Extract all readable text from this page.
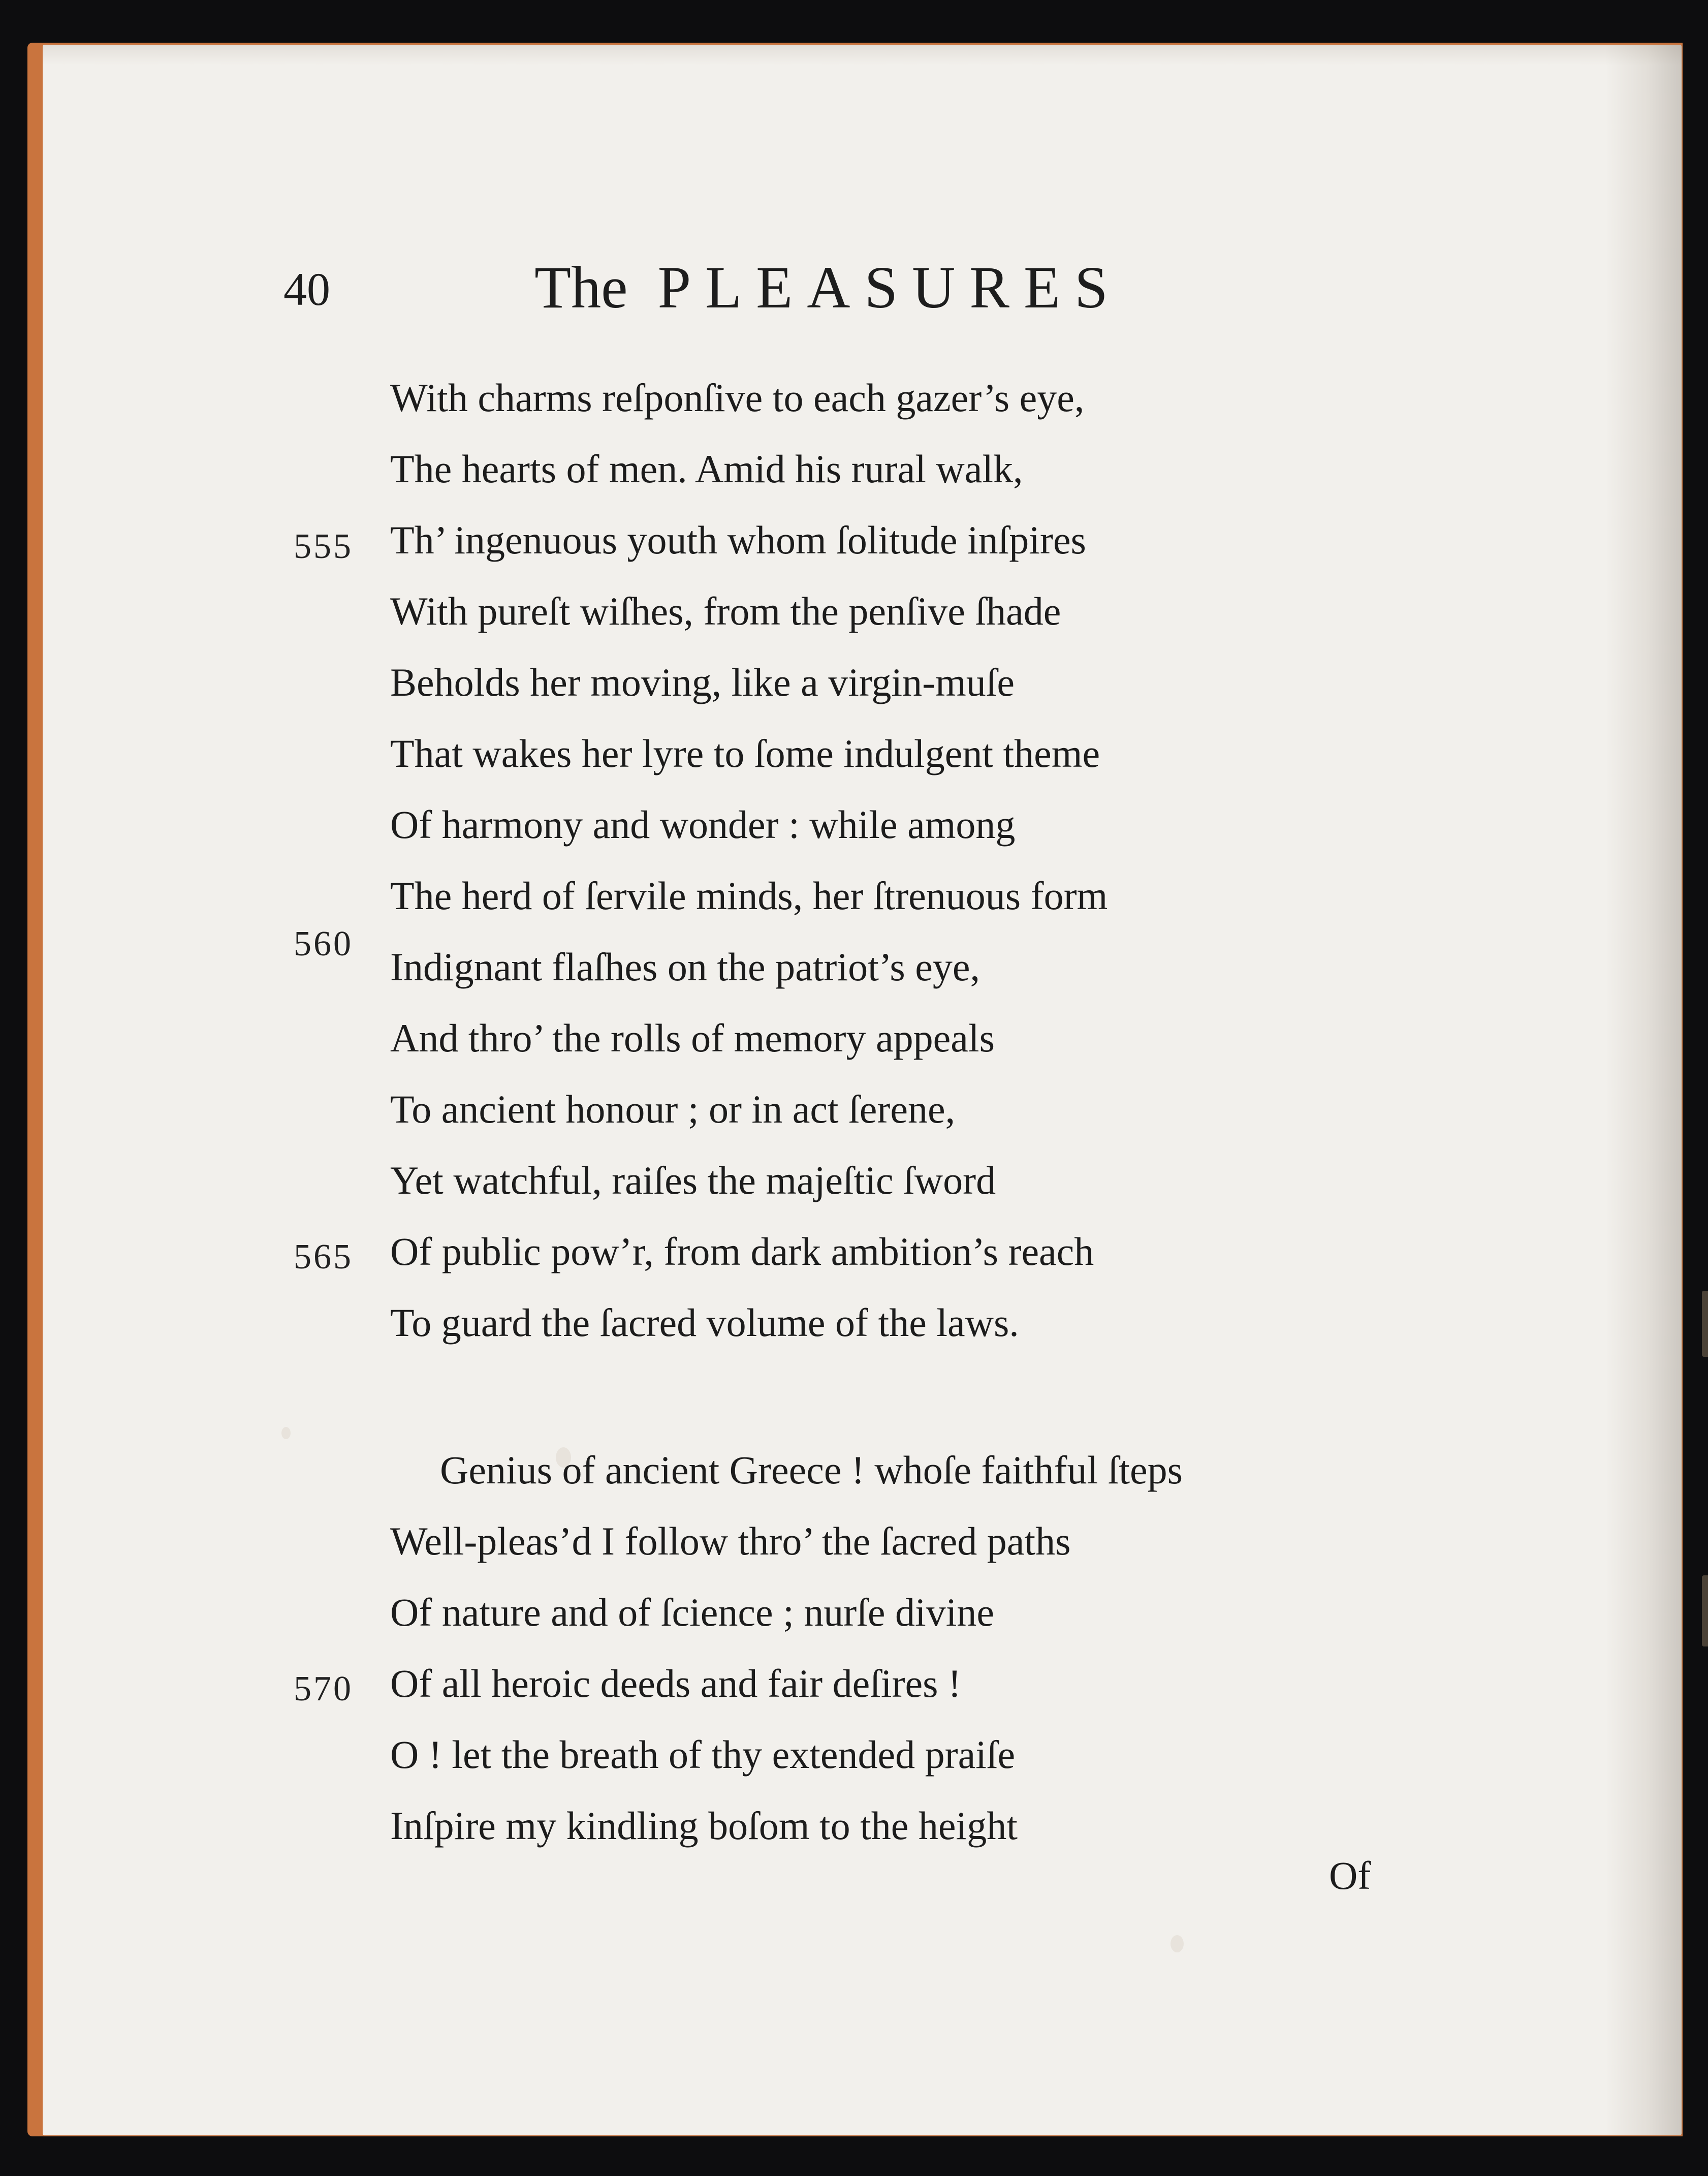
40	The PLEASURES
With charms reſponſive to each gazer’s eye,
The hearts of men. Amid his rural walk,
555 Th’ ingenuous youth whom ſolitude inſpires
With pureſt wiſhes, from the penſive ſhade
Beholds her moving, like a virgin-muſe
That wakes her lyre to ſome indulgent theme
Of harmony and wonder : while among
560
The herd of ſervile minds, her ſtrenuous form
Indignant flaſhes on the patriot’s eye,
And thro’ the rolls of memory appeals
To ancient honour ; or in act ſerene,
Yet watchful, raiſes the majeſtic ſword
565 Of public pow’r, from dark ambition’s reach
To guard the ſacred volume of the laws.
Genius of ancient Greece ! whoſe faithful ſteps
Well-pleas’d I follow thro’ the ſacred paths
Of nature and of ſcience ; nurſe divine
570 Of all heroic deeds and fair deſires !
O ! let the breath of thy extended praiſe
Inſpire my kindling boſom to the height
Of
